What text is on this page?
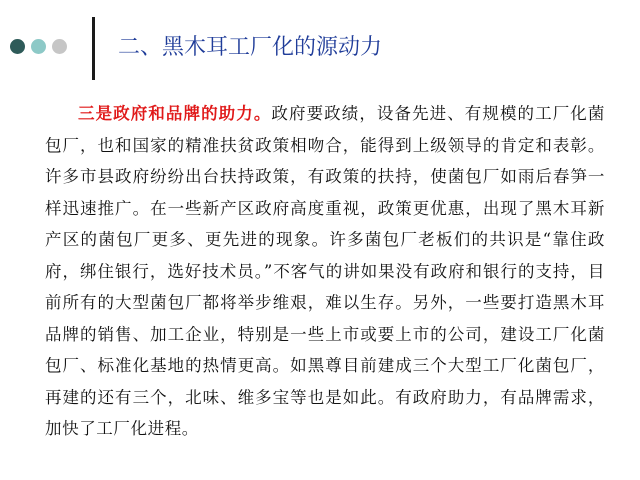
二、黑木耳工厂化的源动力

三是政府和品牌的助力。政府要政绩，设备先进、有规模的工厂化菌包厂，也和国家的精准扶贫政策相吻合，能得到上级领导的肯定和表彰。许多市县政府纷纷出台扶持政策，有政策的扶持，使菌包厂如雨后春笋一样迅速推广。在一些新产区政府高度重视，政策更优惠，出现了黑木耳新产区的菌包厂更多、更先进的现象。许多菌包厂老板们的共识是“靠住政府，绑住银行，选好技术员。”不客气的讲如果没有政府和银行的支持，目前所有的大型菌包厂都将举步维艰，难以生存。另外，一些要打造黑木耳品牌的销售、加工企业，特别是一些上市或要上市的公司，建设工厂化菌包厂、标准化基地的热情更高。如黑尊目前建成三个大型工厂化菌包厂，再建的还有三个，北味、维多宝等也是如此。有政府助力，有品牌需求，加快了工厂化进程。
